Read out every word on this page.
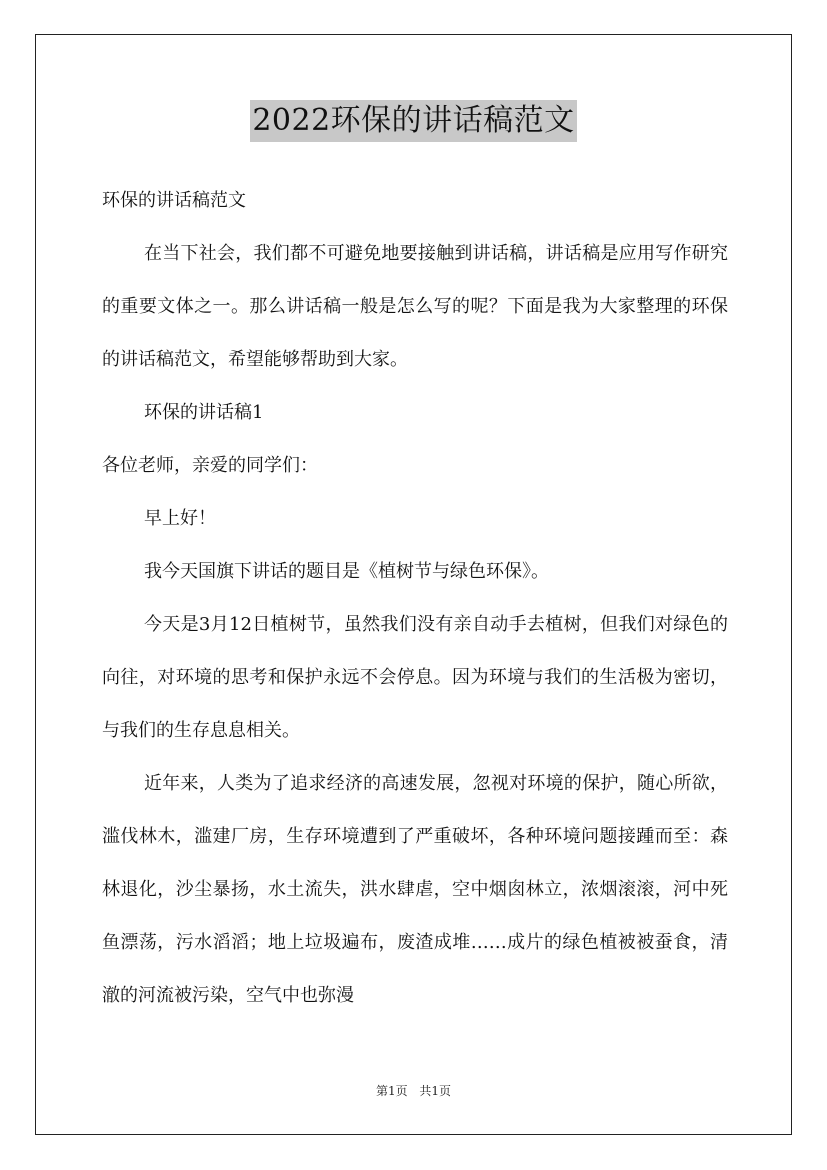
2022环保的讲话稿范文

环保的讲话稿范文

在当下社会，我们都不可避免地要接触到讲话稿，讲话稿是应用写作研究的重要文体之一。那么讲话稿一般是怎么写的呢？下面是我为大家整理的环保的讲话稿范文，希望能够帮助到大家。

环保的讲话稿1

各位老师，亲爱的同学们：

早上好！

我今天国旗下讲话的题目是《植树节与绿色环保》。

今天是3月12日植树节，虽然我们没有亲自动手去植树，但我们对绿色的向往，对环境的思考和保护永远不会停息。因为环境与我们的生活极为密切，与我们的生存息息相关。

近年来，人类为了追求经济的高速发展，忽视对环境的保护，随心所欲，滥伐林木，滥建厂房，生存环境遭到了严重破坏，各种环境问题接踵而至：森林退化，沙尘暴扬，水土流失，洪水肆虐，空中烟囱林立，浓烟滚滚，河中死鱼漂荡，污水滔滔；地上垃圾遍布，废渣成堆……成片的绿色植被被蚕食，清澈的河流被污染，空气中也弥漫

第1页 共1页
